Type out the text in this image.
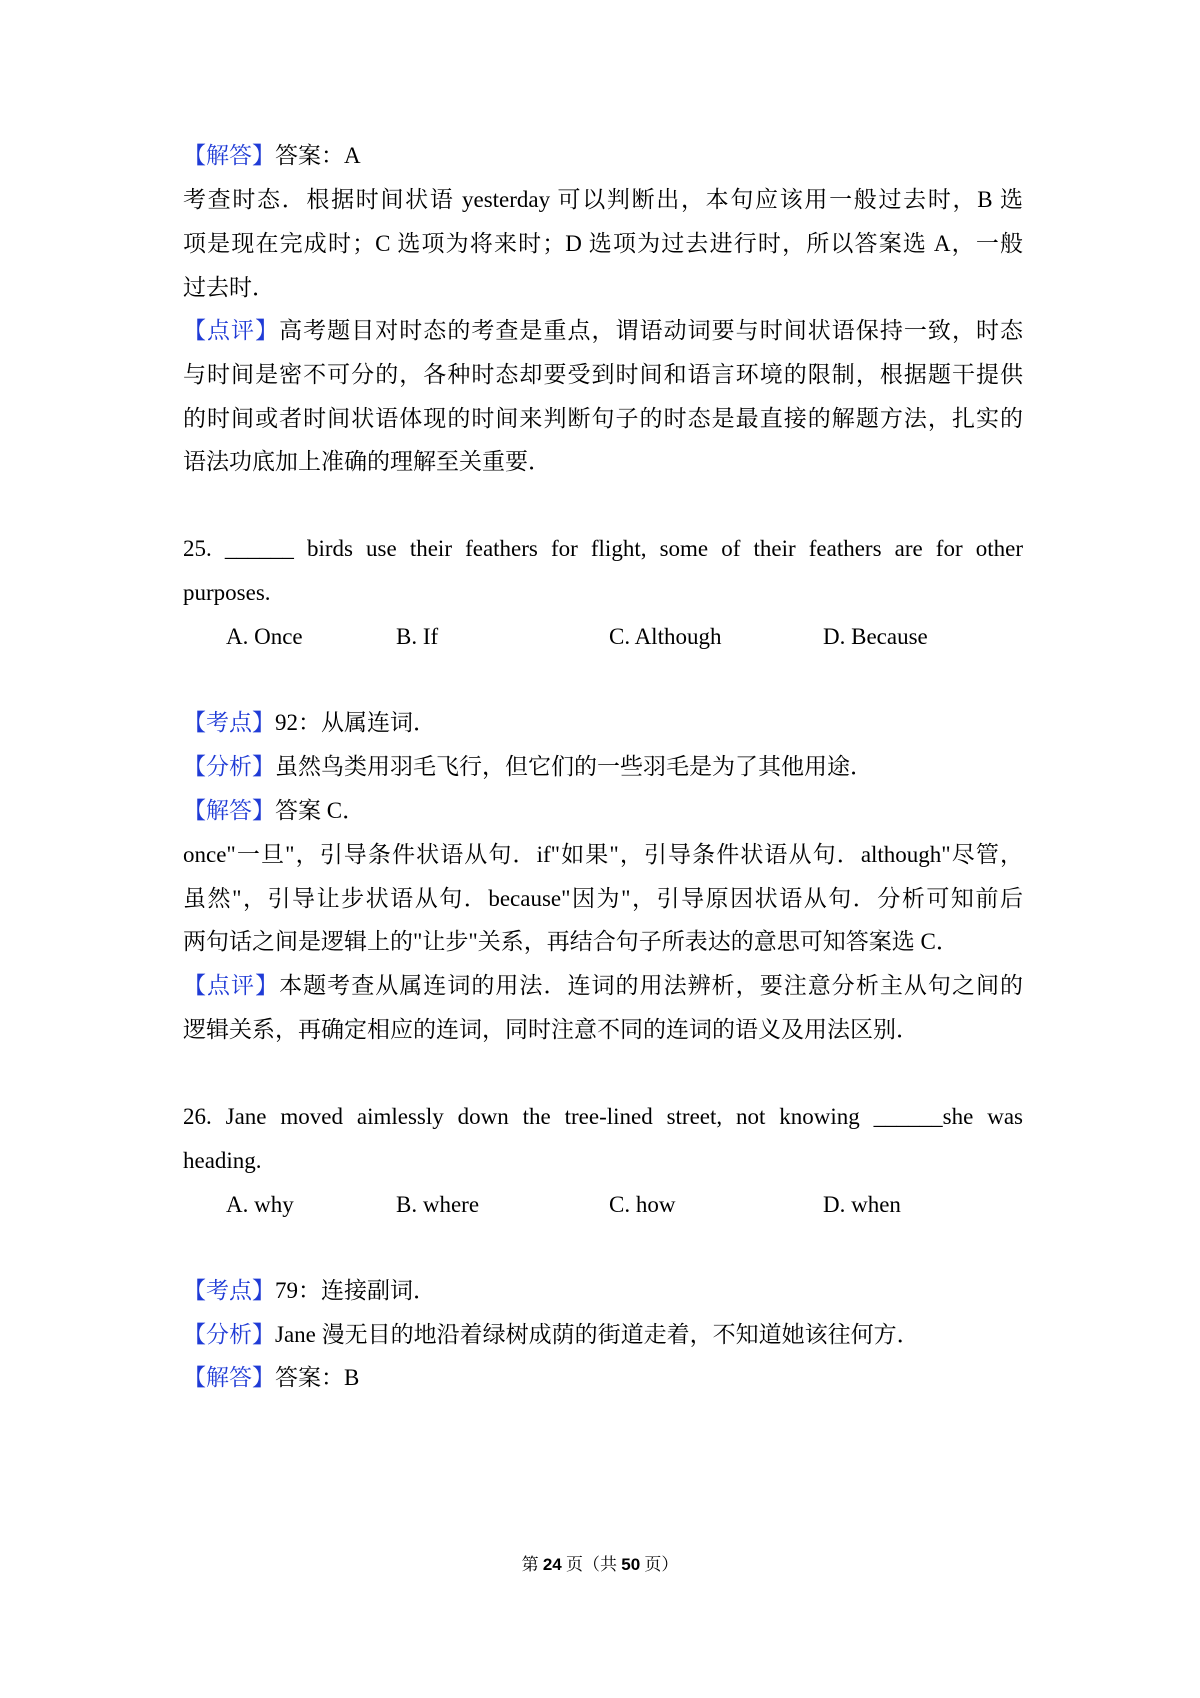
【解答】答案：A
考查时态．根据时间状语 yesterday 可以判断出，本句应该用一般过去时，B 选
项是现在完成时；C 选项为将来时；D 选项为过去进行时，所以答案选 A，一般
过去时．
【点评】高考题目对时态的考查是重点，谓语动词要与时间状语保持一致，时态
与时间是密不可分的，各种时态却要受到时间和语言环境的限制，根据题干提供
的时间或者时间状语体现的时间来判断句子的时态是最直接的解题方法，扎实的
语法功底加上准确的理解至关重要．
25. ______ birds use their feathers for flight, some of their feathers are for other
purposes.
A. Once	B. If	C. Although	D. Because
【考点】92：从属连词．
【分析】虽然鸟类用羽毛飞行，但它们的一些羽毛是为了其他用途．
【解答】答案 C．
once"一旦"，引导条件状语从句．if"如果"，引导条件状语从句．although"尽管，
虽然"，引导让步状语从句．because"因为"，引导原因状语从句．分析可知前后
两句话之间是逻辑上的"让步"关系，再结合句子所表达的意思可知答案选 C．
【点评】本题考查从属连词的用法．连词的用法辨析，要注意分析主从句之间的
逻辑关系，再确定相应的连词，同时注意不同的连词的语义及用法区别．
26. Jane moved aimlessly down the tree-lined street, not knowing ______she was
heading.
A. why	B. where	C. how	D. when
【考点】79：连接副词．
【分析】Jane 漫无目的地沿着绿树成荫的街道走着，不知道她该往何方．
【解答】答案：B
第 24 页（共 50 页）
